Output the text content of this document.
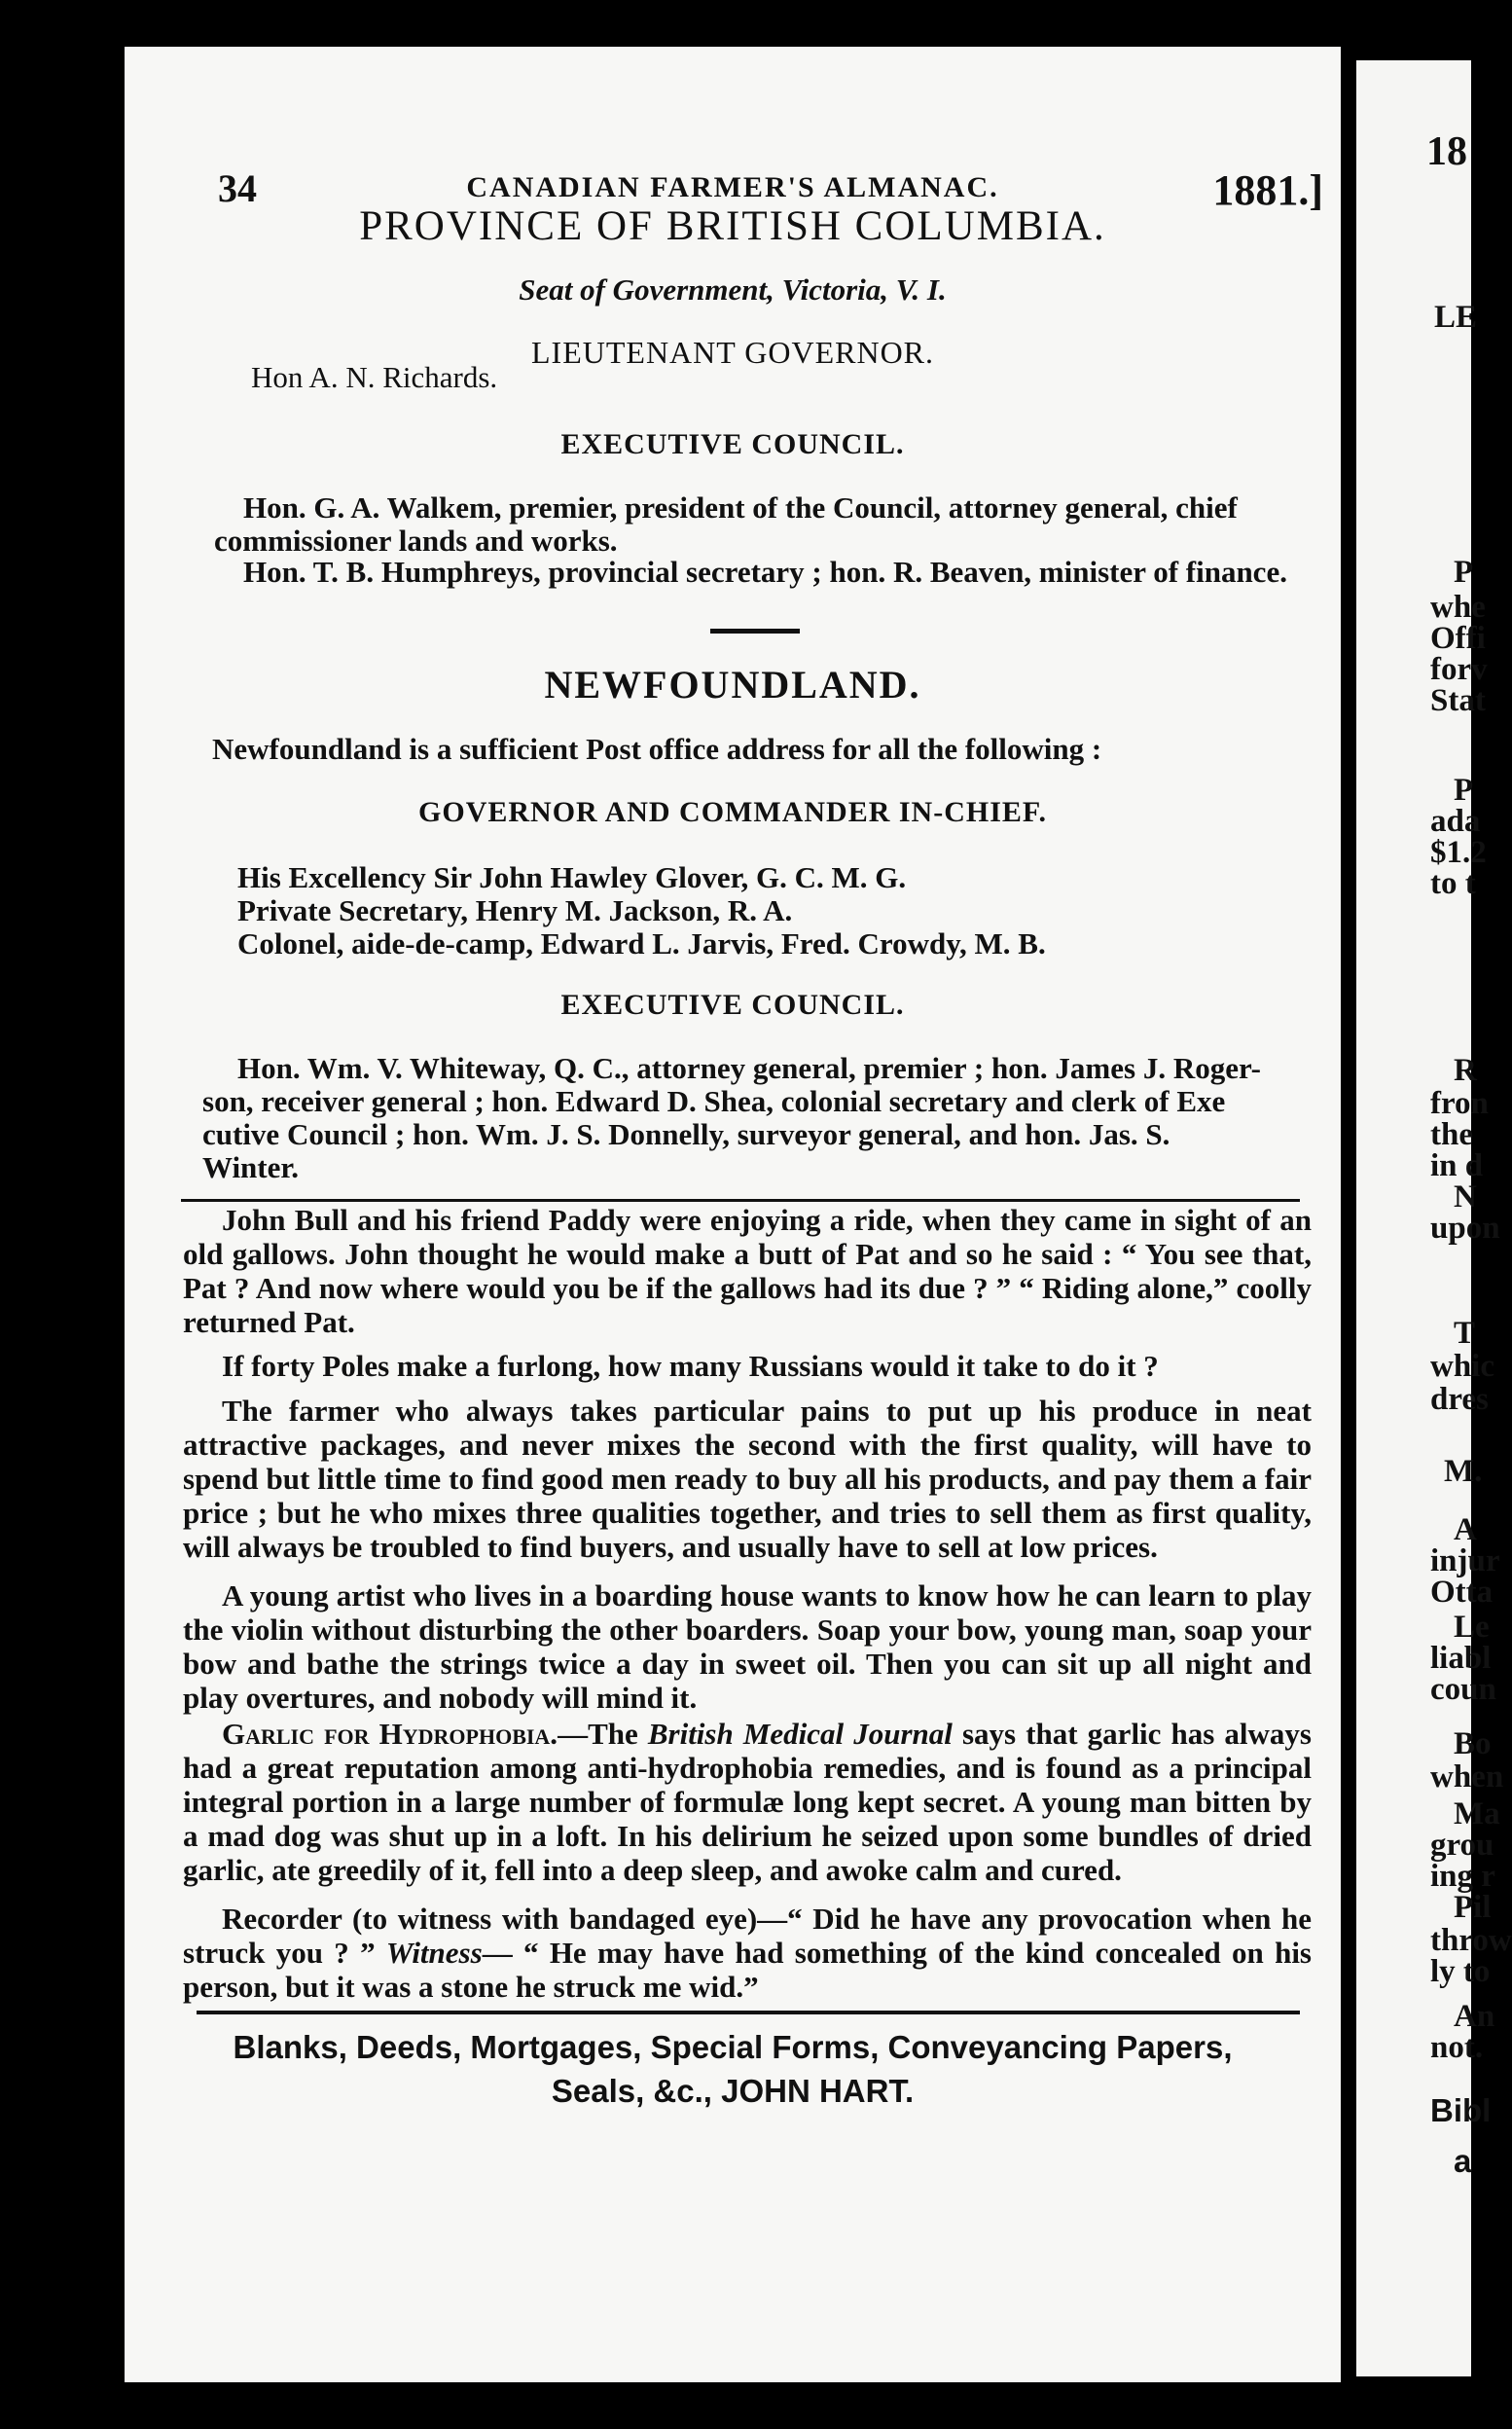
34	CANADIAN FARMER'S ALMANAC.	1881.]
PROVINCE OF BRITISH COLUMBIA.
Seat of Government, Victoria, V. I.
LIEUTENANT GOVERNOR.
Hon A. N. Richards.
EXECUTIVE COUNCIL.
Hon. G. A. Walkem, premier, president of the Council, attorney general, chief
commissioner lands and works.
Hon. T. B. Humphreys, provincial secretary ; hon. R. Beaven, minister of finance.
NEWFOUNDLAND.
Newfoundland is a sufficient Post office address for all the following :
GOVERNOR AND COMMANDER IN-CHIEF.
His Excellency Sir John Hawley Glover, G. C. M. G.
Private Secretary, Henry M. Jackson, R. A.
Colonel, aide-de-camp, Edward L. Jarvis, Fred. Crowdy, M. B.
EXECUTIVE COUNCIL.
Hon. Wm. V. Whiteway, Q. C., attorney general, premier ; hon. James J. Roger-
son, receiver general ; hon. Edward D. Shea, colonial secretary and clerk of Exe
cutive Council ; hon. Wm. J. S. Donnelly, surveyor general, and hon. Jas. S.
Winter.

John Bull and his friend Paddy were enjoying a ride, when they came in sight of an old gallows. John thought he would make a butt of Pat and so he said : “ You see that, Pat ? And now where would you be if the gallows had its due ? ” “ Riding alone,” coolly returned Pat.

If forty Poles make a furlong, how many Russians would it take to do it ?

The farmer who always takes particular pains to put up his produce in neat attractive packages, and never mixes the second with the first quality, will have to spend but little time to find good men ready to buy all his products, and pay them a fair price ; but he who mixes three qualities together, and tries to sell them as first quality, will always be troubled to find buyers, and usually have to sell at low prices.

A young artist who lives in a boarding house wants to know how he can learn to play the violin without disturbing the other boarders. Soap your bow, young man, soap your bow and bathe the strings twice a day in sweet oil. Then you can sit up all night and play overtures, and nobody will mind it.

Garlic for Hydrophobia.—The British Medical Journal says that garlic has always had a great reputation among anti-hydrophobia remedies, and is found as a principal integral portion in a large number of formulæ long kept secret. A young man bitten by a mad dog was shut up in a loft. In his delirium he seized upon some bundles of dried garlic, ate greedily of it, fell into a deep sleep, and awoke calm and cured.

Recorder (to witness with bandaged eye)—“ Did he have any provocation when he struck you ? ” Witness— “ He may have had something of the kind concealed on his person, but it was a stone he struck me wid.”

Blanks, Deeds, Mortgages, Special Forms, Conveyancing Papers,
Seals, &c., JOHN HART.
18
LE
P
whe
Offi
forv
Stat
P
ada
$1.2
to t
R
fron
the
in d
N
upon
T
whic
dres
M.
A
injur
Otta
Le
liabl
coun
Bo
when
Ma
grou
ing r
Pil
throw
ly to
An
not.
Bibl
a
